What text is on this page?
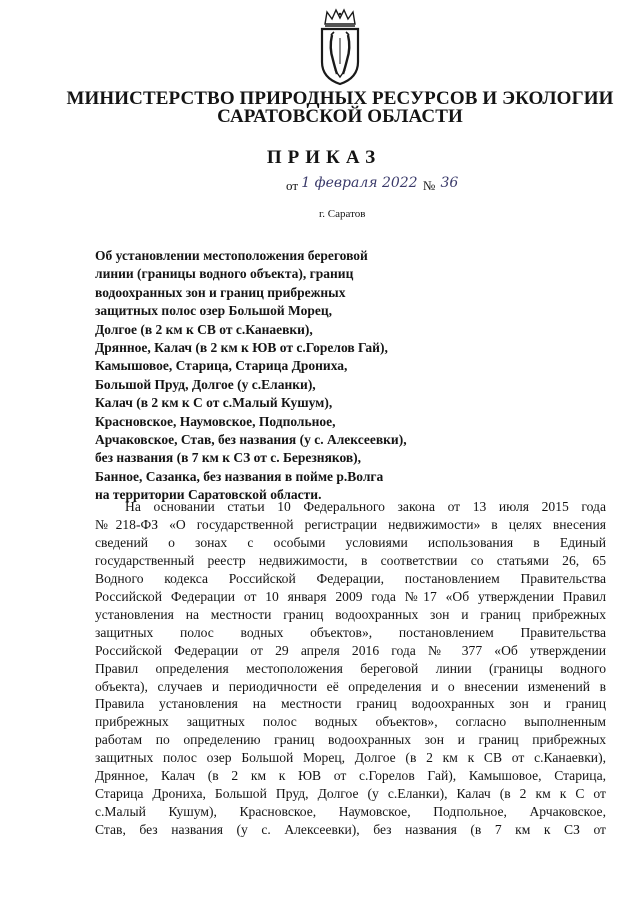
МИНИСТЕРСТВО ПРИРОДНЫХ РЕСУРСОВ И ЭКОЛОГИИ
САРАТОВСКОЙ ОБЛАСТИ
ПРИКАЗ
от 1 февраля 2022 № 36
г. Саратов
Об установлении местоположения береговой
линии (границы водного объекта), границ
водоохранных зон и границ прибрежных
защитных полос озер Большой Морец,
Долгое (в 2 км к СВ от с.Канаевки),
Дрянное, Калач (в 2 км к ЮВ от с.Горелов Гай),
Камышовое, Старица, Старица Дрониха,
Большой Пруд, Долгое (у с.Еланки),
Калач (в 2 км к С от с.Малый Кушум),
Красновское, Наумовское, Подпольное,
Арчаковское, Став, без названия (у с. Алексеевки),
без названия (в 7 км к СЗ от с. Березняков),
Банное, Сазанка, без названия в пойме р.Волга
на территории Саратовской области.
На основании статьи 10 Федерального закона от 13 июля 2015 года
№218-ФЗ «О государственной регистрации недвижимости» в целях внесения
сведений о зонах с особыми условиями использования в Единый
государственный реестр недвижимости, в соответствии со статьями 26, 65
Водного кодекса Российской Федерации, постановлением Правительства
Российской Федерации от 10 января 2009 года №17 «Об утверждении Правил
установления на местности границ водоохранных зон и границ прибрежных
защитных полос водных объектов», постановлением Правительства
Российской Федерации от 29 апреля 2016 года № 377 «Об утверждении
Правил определения местоположения береговой линии (границы водного
объекта), случаев и периодичности её определения и о внесении изменений в
Правила установления на местности границ водоохранных зон и границ
прибрежных защитных полос водных объектов», согласно выполненным
работам по определению границ водоохранных зон и границ прибрежных
защитных полос озер Большой Морец, Долгое (в 2 км к СВ от с.Канаевки),
Дрянное, Калач (в 2 км к ЮВ от с.Горелов Гай), Камышовое, Старица,
Старица Дрониха, Большой Пруд, Долгое (у с.Еланки), Калач (в 2 км к С от
с.Малый Кушум), Красновское, Наумовское, Подпольное, Арчаковское,
Став, без названия (у с. Алексеевки), без названия (в 7 км к СЗ от
